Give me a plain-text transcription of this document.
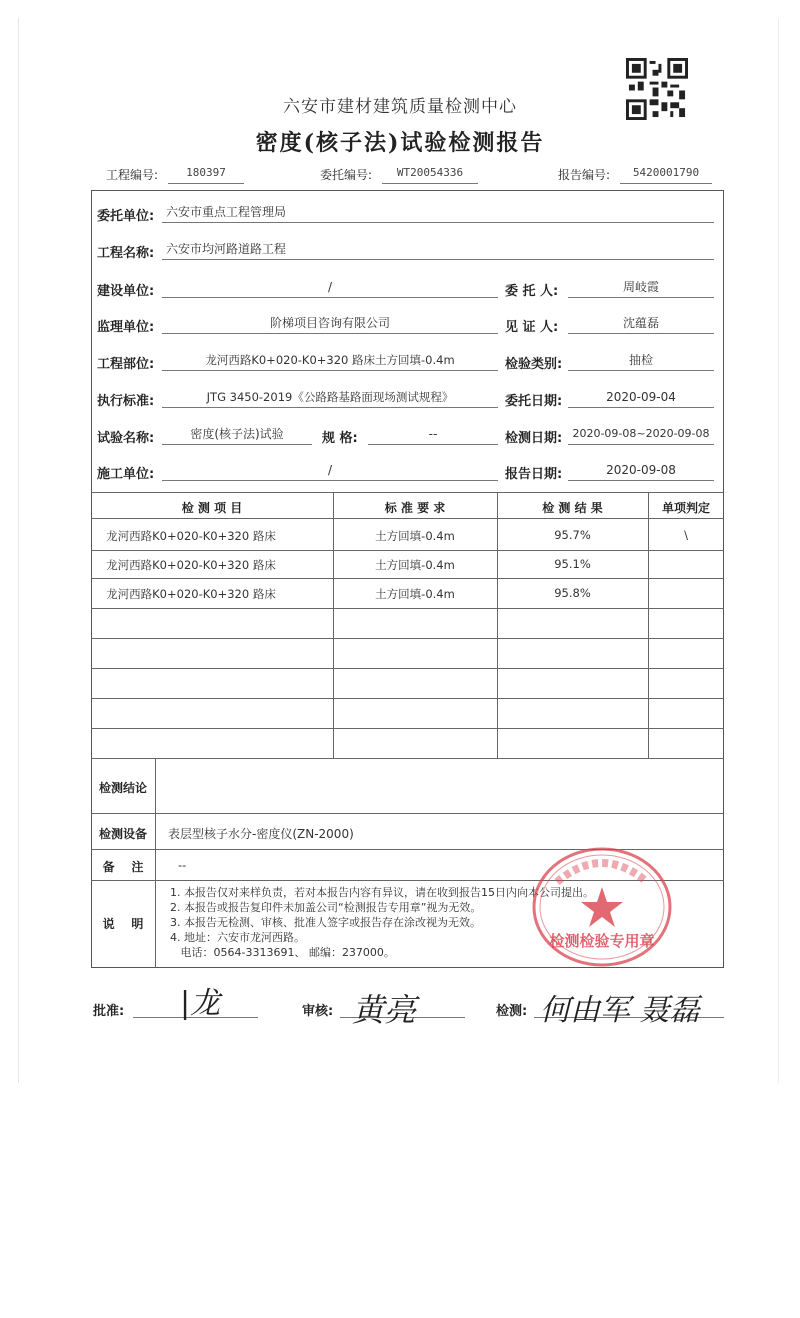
六安市建材建筑质量检测中心
密度(核子法)试验检测报告
工程编号:	180397	委托编号:	WT20054336	报告编号:	5420001790
委托单位: 六安市重点工程管理局
工程名称: 六安市均河路道路工程
建设单位:	/	委 托 人:	周岐霞
监理单位:	阶梯项目咨询有限公司	见 证 人:	沈蕴磊
工程部位:	龙河西路K0+020-K0+320 路床土方回填-0.4m	检验类别:	抽检
执行标准:	JTG 3450-2019《公路路基路面现场测试规程》	委托日期:	2020-09-04
试验名称:	密度(核子法)试验	规 格:	--	检测日期: 2020-09-08~2020-09-08
施工单位:	/	报告日期:	2020-09-08
检 测 项 目	标 准 要 求	检 测 结 果	单项判定
龙河西路K0+020-K0+320 路床	土方回填-0.4m	95.7%	\
龙河西路K0+020-K0+320 路床	土方回填-0.4m	95.1%
龙河西路K0+020-K0+320 路床	土方回填-0.4m	95.8%
检测结论
检测设备	表层型核子水分-密度仪(ZN-2000)
备    注	--
说    明
1. 本报告仅对来样负责，若对本报告内容有异议，请在收到报告15日内向本公司提出。
2. 本报告或报告复印件未加盖公司“检测报告专用章”视为无效。
3. 本报告无检测、审核、批准人签字或报告存在涂改视为无效。
4. 地址：六安市龙河西路。
电话：0564-3313691、 邮编：237000。
检测检验专用章
批准: |龙	审核: 黄亮	检测: 何由军 聂磊
